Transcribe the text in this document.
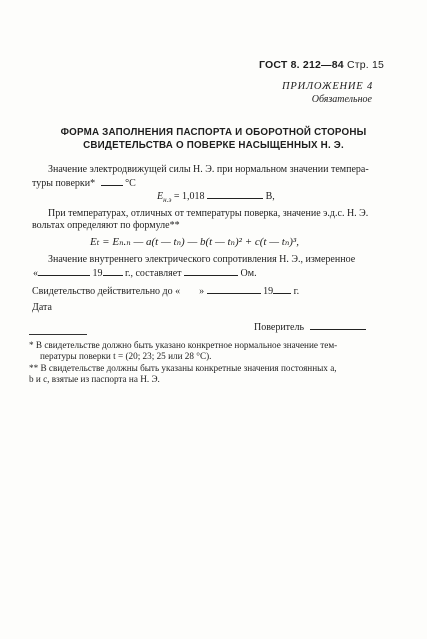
ГОСТ 8. 212—84 Стр. 15
ПРИЛОЖЕНИЕ 4
Обязательное
ФОРМА ЗАПОЛНЕНИЯ ПАСПОРТА И ОБОРОТНОЙ СТОРОНЫ
СВИДЕТЕЛЬСТВА О ПОВЕРКЕ НАСЫЩЕННЫХ Н. Э.
Значение электродвижущей силы Н. Э. при нормальном значении темпера-
туры поверки*	°С
$E_{н.э} = 1,018$	В,
При температурах, отличных от температуры поверка, значение э.д.с. Н. Э.
вольтах определяют по формуле**
Eₜ = Eₙ.ₙ — a(t — tₙ) — b(t — tₙ)² + c(t — tₙ)³,
Значение внутреннего электрического сопротивления Н. Э., измеренное
«	19 г., составляет	Ом.
Свидетельство действительно до « »	19 г.
Дата
Поверитель
* В свидетельстве должно быть указано конкретное нормальное значение тем-
пературы поверки t = (20; 23; 25 или 28 °С).
** В свидетельстве должны быть указаны конкретные значения постоянных a,
b и c, взятые из паспорта на Н. Э.
